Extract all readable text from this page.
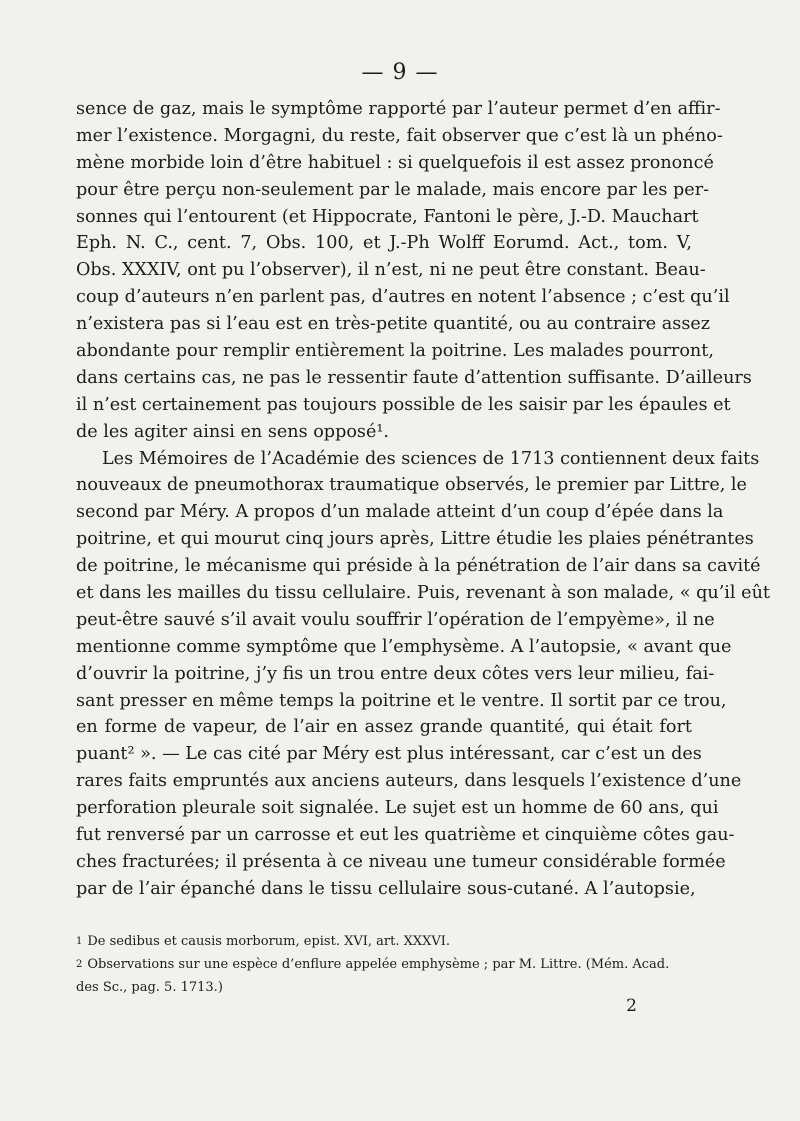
— 9 —
sence de gaz, mais le symptôme rapporté par l’auteur permet d’en affir-
mer l’existence. Morgagni, du reste, fait observer que c’est là un phéno-
mène morbide loin d’être habituel : si quelquefois il est assez prononcé
pour être perçu non-seulement par le malade, mais encore par les per-
sonnes qui l’entourent (et Hippocrate, Fantoni le père, J.-D. Mauchart
Eph. N. C., cent. 7, Obs. 100, et J.-Ph Wolff Eorumd. Act., tom. V,
Obs. XXXIV, ont pu l’observer), il n’est, ni ne peut être constant. Beau-
coup d’auteurs n’en parlent pas, d’autres en notent l’absence ; c’est qu’il
n’existera pas si l’eau est en très-petite quantité, ou au contraire assez
abondante pour remplir entièrement la poitrine. Les malades pourront,
dans certains cas, ne pas le ressentir faute d’attention suffisante. D’ailleurs
il n’est certainement pas toujours possible de les saisir par les épaules et
de les agiter ainsi en sens opposé¹.
Les Mémoires de l’Académie des sciences de 1713 contiennent deux faits
nouveaux de pneumothorax traumatique observés, le premier par Littre, le
second par Méry. A propos d’un malade atteint d’un coup d’épée dans la
poitrine, et qui mourut cinq jours après, Littre étudie les plaies pénétrantes
de poitrine, le mécanisme qui préside à la pénétration de l’air dans sa cavité
et dans les mailles du tissu cellulaire. Puis, revenant à son malade, « qu’il eût
peut-être sauvé s’il avait voulu souffrir l’opération de l’empyème», il ne
mentionne comme symptôme que l’emphysème. A l’autopsie, « avant que
d’ouvrir la poitrine, j’y fis un trou entre deux côtes vers leur milieu, fai-
sant presser en même temps la poitrine et le ventre. Il sortit par ce trou,
en forme de vapeur, de l’air en assez grande quantité, qui était fort
puant² ». — Le cas cité par Méry est plus intéressant, car c’est un des
rares faits empruntés aux anciens auteurs, dans lesquels l’existence d’une
perforation pleurale soit signalée. Le sujet est un homme de 60 ans, qui
fut renversé par un carrosse et eut les quatrième et cinquième côtes gau-
ches fracturées; il présenta à ce niveau une tumeur considérable formée
par de l’air épanché dans le tissu cellulaire sous-cutané. A l’autopsie,
1 De sedibus et causis morborum, epist. XVI, art. XXXVI.
2 Observations sur une espèce d’enflure appelée emphysème ; par M. Littre. (Mém. Acad.
des Sc., pag. 5. 1713.)
2
